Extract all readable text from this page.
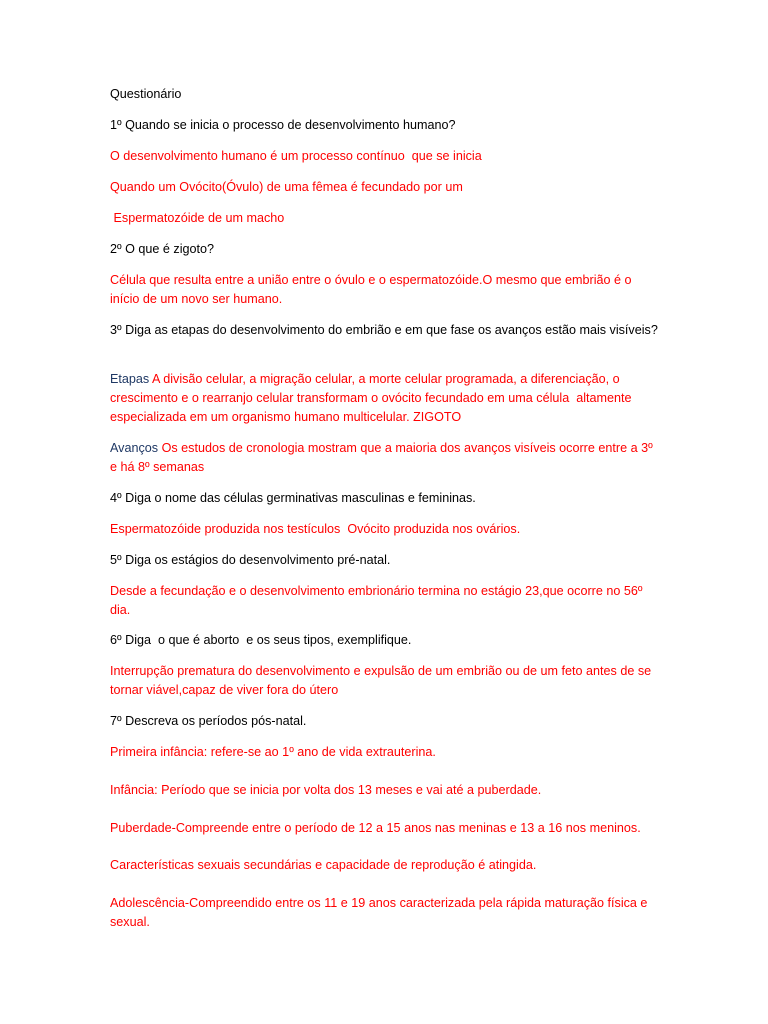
Questionário

1º Quando se inicia o processo de desenvolvimento humano?

O desenvolvimento humano é um processo contínuo  que se inicia

Quando um Ovócito(Óvulo) de uma fêmea é fecundado por um

Espermatozóide de um macho

2º O que é zigoto?

Célula que resulta entre a união entre o óvulo e o espermatozóide.O mesmo que embrião é o início de um novo ser humano.

3º Diga as etapas do desenvolvimento do embrião e em que fase os avanços estão mais visíveis?

Etapas A divisão celular, a migração celular, a morte celular programada, a diferenciação, o crescimento e o rearranjo celular transformam o ovócito fecundado em uma célula  altamente especializada em um organismo humano multicelular. ZIGOTO

Avanços Os estudos de cronologia mostram que a maioria dos avanços visíveis ocorre entre a 3º e há 8º semanas

4º Diga o nome das células germinativas masculinas e femininas.

Espermatozóide produzida nos testículos  Ovócito produzida nos ovários.

5º Diga os estágios do desenvolvimento pré-natal.

Desde a fecundação e o desenvolvimento embrionário termina no estágio 23,que ocorre no 56º dia.

6º Diga  o que é aborto  e os seus tipos, exemplifique.

Interrupção prematura do desenvolvimento e expulsão de um embrião ou de um feto antes de se tornar viável,capaz de viver fora do útero

7º Descreva os períodos pós-natal.

Primeira infância: refere-se ao 1º ano de vida extrauterina.

Infância: Período que se inicia por volta dos 13 meses e vai até a puberdade.

Puberdade-Compreende entre o período de 12 a 15 anos nas meninas e 13 a 16 nos meninos.

Características sexuais secundárias e capacidade de reprodução é atingida.

Adolescência-Compreendido entre os 11 e 19 anos caracterizada pela rápida maturação física e sexual.
